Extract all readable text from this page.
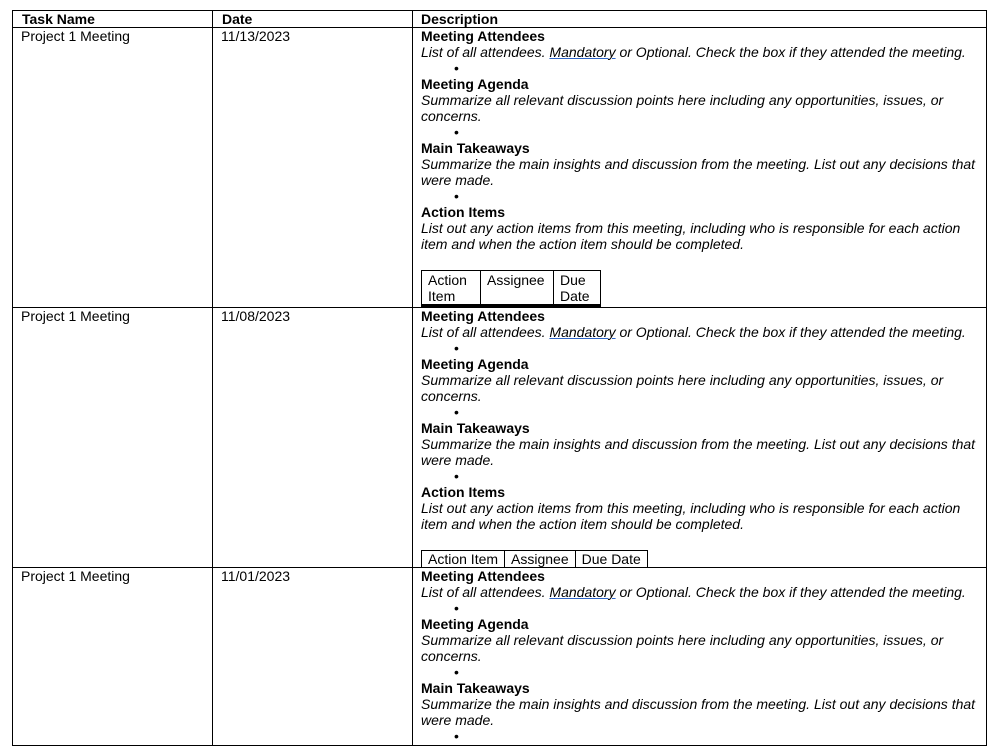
Task Name	Date	Description
Project 1 Meeting	11/13/2023	Meeting Attendees
List of all attendees. Mandatory or Optional. Check the box if they attended the meeting.
•
Meeting Agenda
Summarize all relevant discussion points here including any opportunities, issues, or concerns.
•
Main Takeaways
Summarize the main insights and discussion from the meeting. List out any decisions that were made.
•
Action Items
List out any action items from this meeting, including who is responsible for each action item and when the action item should be completed.
Action Item	Assignee	Due Date
Project 1 Meeting	11/08/2023	Meeting Attendees
List of all attendees. Mandatory or Optional. Check the box if they attended the meeting.
•
Meeting Agenda
Summarize all relevant discussion points here including any opportunities, issues, or concerns.
•
Main Takeaways
Summarize the main insights and discussion from the meeting. List out any decisions that were made.
•
Action Items
List out any action items from this meeting, including who is responsible for each action item and when the action item should be completed.
Action Item	Assignee	Due Date
Project 1 Meeting	11/01/2023	Meeting Attendees
List of all attendees. Mandatory or Optional. Check the box if they attended the meeting.
•
Meeting Agenda
Summarize all relevant discussion points here including any opportunities, issues, or concerns.
•
Main Takeaways
Summarize the main insights and discussion from the meeting. List out any decisions that were made.
•
